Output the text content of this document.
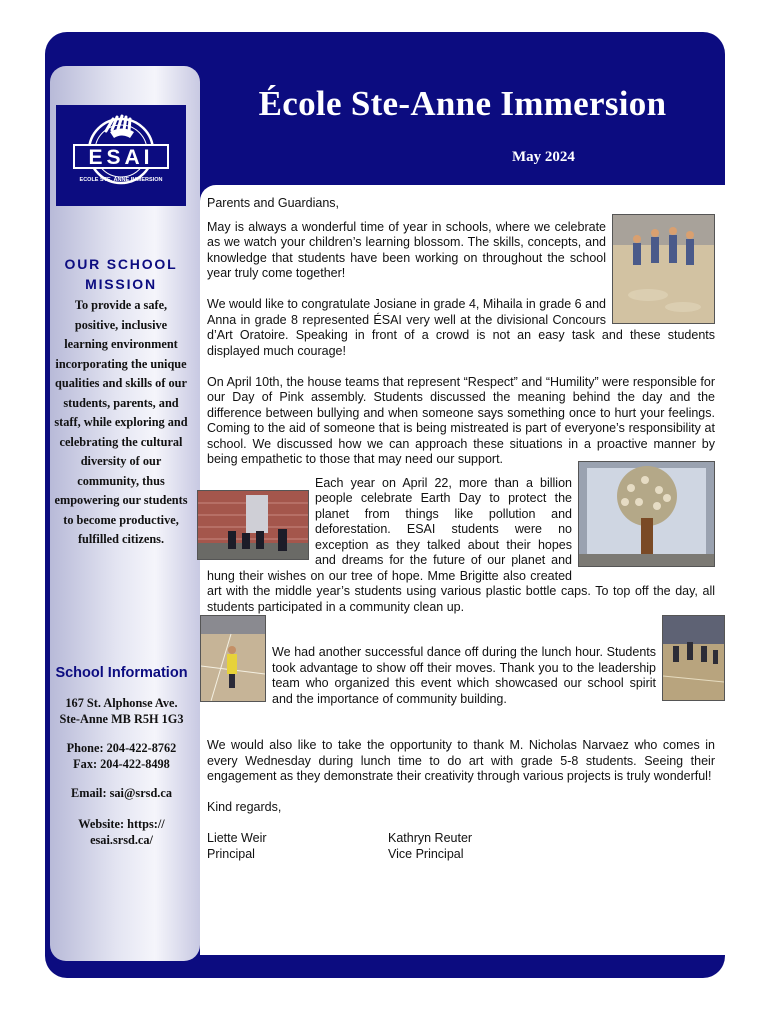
ESAI
ECOLE STE. ANNE IMMERSION
École Ste-Anne Immersion
May 2024
OUR SCHOOL
MISSION
To provide a safe, positive, inclusive learning environment incorporating the unique qualities and skills of our students, parents, and staff, while exploring and celebrating the cultural diversity of our community, thus empowering our students to become productive, fulfilled citizens.
School Information
167 St. Alphonse Ave.
Ste-Anne MB R5H 1G3
Phone: 204-422-8762
Fax: 204-422-8498
Email: sai@srsd.ca
Website: https://
esai.srsd.ca/

Parents and Guardians,

May is always a wonderful time of year in schools, where we celebrate as we watch your children’s learning blossom. The skills, concepts, and knowledge that students have been working on throughout the school year truly come together!

We would like to congratulate Josiane in grade 4, Mihaila in grade 6 and Anna in grade 8 represented ÉSAI very well at the divisional Concours d’Art Oratoire. Speaking in front of a crowd is not an easy task and these students displayed much courage!

On April 10th, the house teams that represent “Respect” and “Humility” were responsible for our Day of Pink assembly. Students discussed the meaning behind the day and the difference between bullying and when someone says something once to hurt your feelings. Coming to the aid of someone that is being mistreated is part of everyone’s responsibility at school. We discussed how we can approach these situations in a proactive manner by being empathetic to those that may need our support.

Each year on April 22, more than a billion people celebrate Earth Day to protect the planet from things like pollution and deforestation. ESAI students were no exception as they talked about their hopes and dreams for the future of our planet and hung their wishes on our tree of hope. Mme Brigitte also created art with the middle year’s students using various plastic bottle caps. To top off the day, all students participated in a community clean up.

We had another successful dance off during the lunch hour. Students took advantage to show off their moves. Thank you to the leadership team who organized this event which showcased our school spirit and the importance of community building.

We would also like to take the opportunity to thank M. Nicholas Narvaez who comes in every Wednesday during lunch time to do art with grade 5-8 students. Seeing their engagement as they demonstrate their creativity through various projects is truly wonderful!

Kind regards,

Liette Weir
Principal
Kathryn Reuter
Vice Principal
